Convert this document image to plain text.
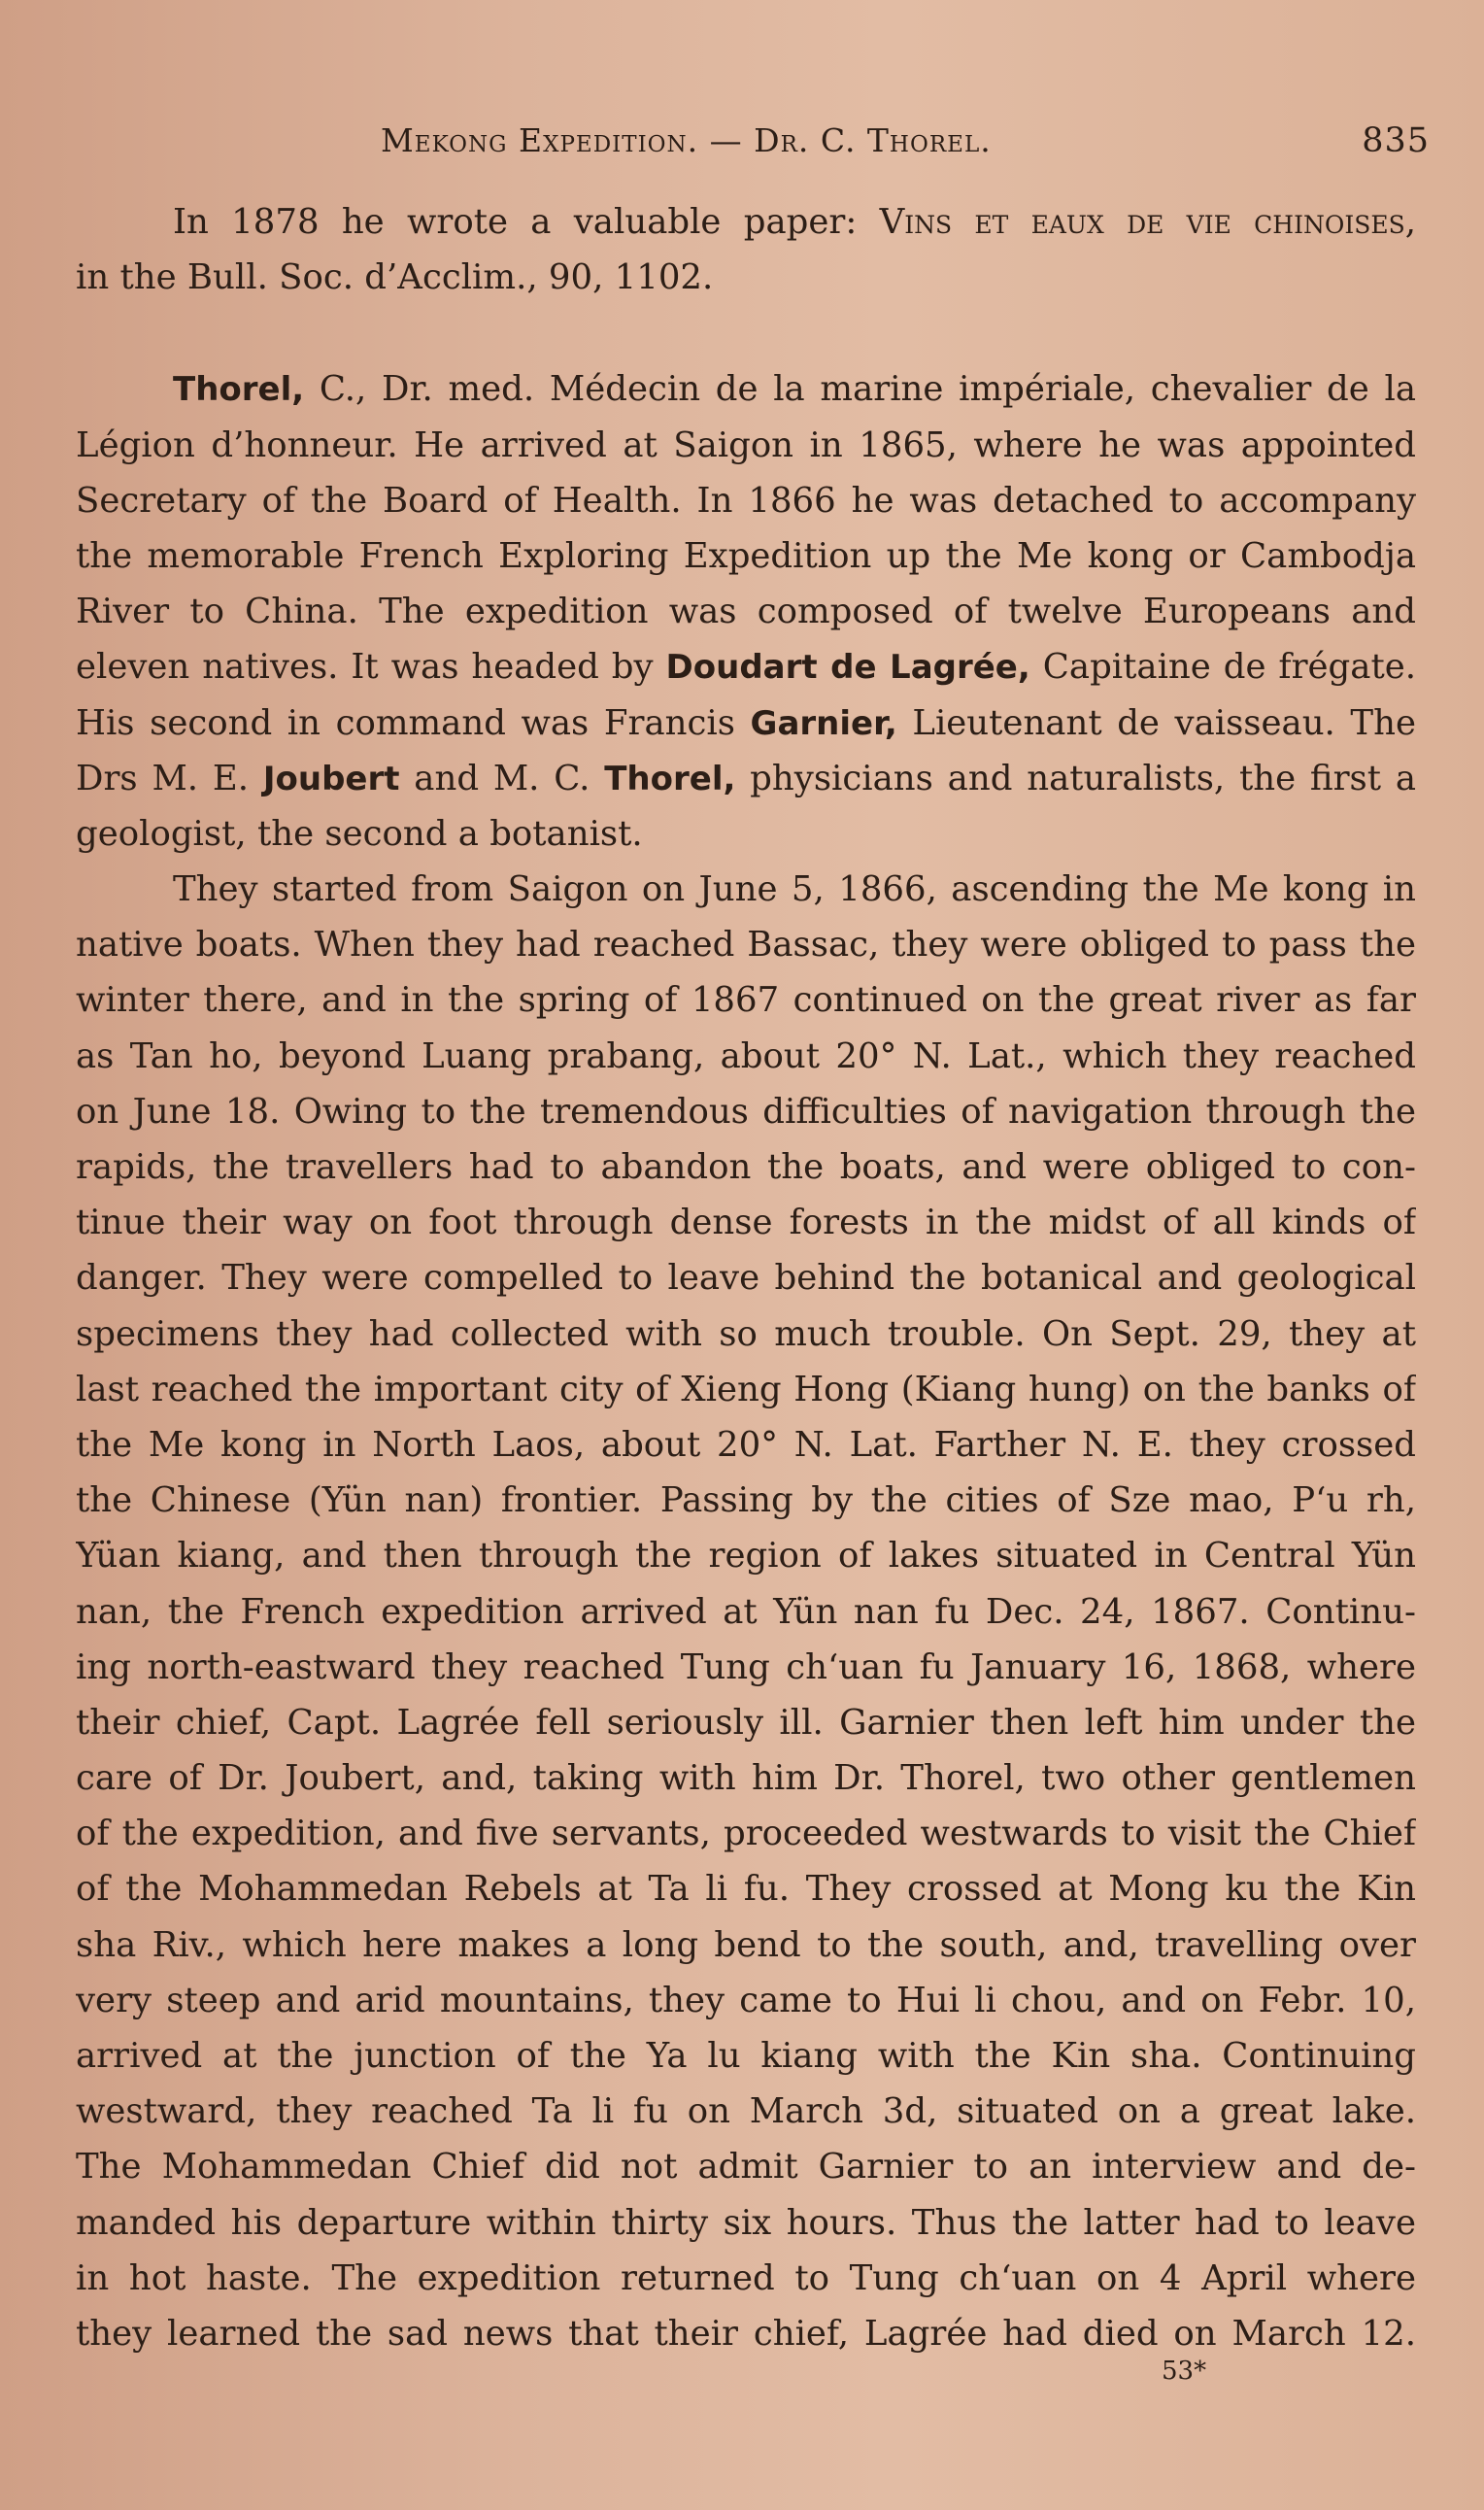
Mekong Expedition. — Dr. C. Thorel.	835
In 1878 he wrote a valuable paper: Vins et eaux de vie chinoises,
in the Bull. Soc. d’Acclim., 90, 1102.
Thorel, C., Dr. med. Médecin de la marine impériale, chevalier de la
Légion d’honneur. He arrived at Saigon in 1865, where he was appointed
Secretary of the Board of Health. In 1866 he was detached to accompany
the memorable French Exploring Expedition up the Me kong or Cambodja
River to China. The expedition was composed of twelve Europeans and
eleven natives. It was headed by Doudart de Lagrée, Capitaine de frégate.
His second in command was Francis Garnier, Lieutenant de vaisseau. The
Drs M. E. Joubert and M. C. Thorel, physicians and naturalists, the first a
geologist, the second a botanist.
They started from Saigon on June 5, 1866, ascending the Me kong in
native boats. When they had reached Bassac, they were obliged to pass the
winter there, and in the spring of 1867 continued on the great river as far
as Tan ho, beyond Luang prabang, about 20° N. Lat., which they reached
on June 18. Owing to the tremendous difficulties of navigation through the
rapids, the travellers had to abandon the boats, and were obliged to con-
tinue their way on foot through dense forests in the midst of all kinds of
danger. They were compelled to leave behind the botanical and geological
specimens they had collected with so much trouble. On Sept. 29, they at
last reached the important city of Xieng Hong (Kiang hung) on the banks of
the Me kong in North Laos, about 20° N. Lat. Farther N. E. they crossed
the Chinese (Yün nan) frontier. Passing by the cities of Sze mao, P‘u rh,
Yüan kiang, and then through the region of lakes situated in Central Yün
nan, the French expedition arrived at Yün nan fu Dec. 24, 1867. Continu-
ing north-eastward they reached Tung ch‘uan fu January 16, 1868, where
their chief, Capt. Lagrée fell seriously ill. Garnier then left him under the
care of Dr. Joubert, and, taking with him Dr. Thorel, two other gentlemen
of the expedition, and five servants, proceeded westwards to visit the Chief
of the Mohammedan Rebels at Ta li fu. They crossed at Mong ku the Kin
sha Riv., which here makes a long bend to the south, and, travelling over
very steep and arid mountains, they came to Hui li chou, and on Febr. 10,
arrived at the junction of the Ya lu kiang with the Kin sha. Continuing
westward, they reached Ta li fu on March 3d, situated on a great lake.
The Mohammedan Chief did not admit Garnier to an interview and de-
manded his departure within thirty six hours. Thus the latter had to leave
in hot haste. The expedition returned to Tung ch‘uan on 4 April where
they learned the sad news that their chief, Lagrée had died on March 12.
53*
